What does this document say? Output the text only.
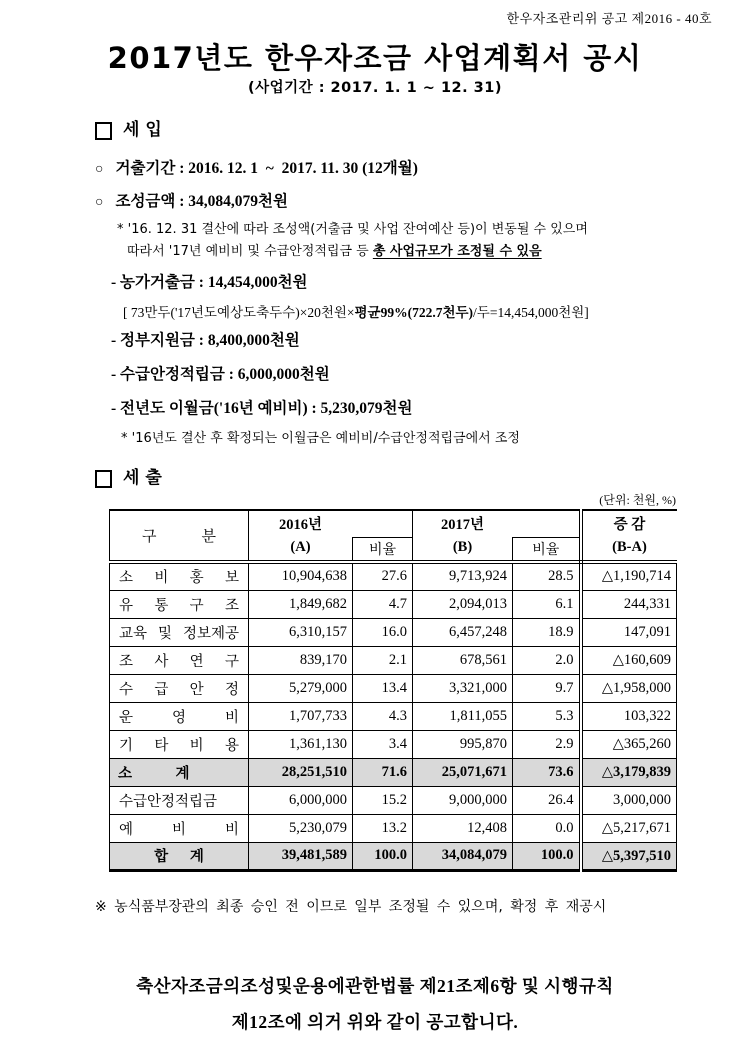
한우자조관리위 공고 제2016 - 40호
2017년도 한우자조금 사업계획서 공시
(사업기간 : 2017. 1. 1 ~ 12. 31)
세 입
○ 거출기간 : 2016. 12. 1  ~  2017. 11. 30 (12개월)
○ 조성금액 : 34,084,079천원
* '16. 12. 31 결산에 따라 조성액(거출금 및 사업 잔여예산 등)이 변동될 수 있으며
따라서 '17년 예비비 및 수급안정적립금 등 총 사업규모가 조정될 수 있음
- 농가거출금 : 14,454,000천원
[ 73만두('17년도예상도축두수)×20천원×평균99%(722.7천두)/두=14,454,000천원]
- 정부지원금 : 8,400,000천원
- 수급안정적립금 : 6,000,000천원
- 전년도 이월금('16년 예비비) : 5,230,079천원
* '16년도 결산 후 확정되는 이월금은 예비비/수급안정적립금에서 조정
세 출
(단위: 천원, %)
구 분	2016년
(A)		2017년
(B)		증 감
(B-A)

		비율		비율	
소 비 홍 보	10,904,638	27.6	9,713,924	28.5	△1,190,714
유 통 구 조	1,849,682	4.7	2,094,013	6.1	244,331
교육 및 정보제공	6,310,157	16.0	6,457,248	18.9	147,091
조 사 연 구	839,170	2.1	678,561	2.0	△160,609
수 급 안 정	5,279,000	13.4	3,321,000	9.7	△1,958,000
운 영 비	1,707,733	4.3	1,811,055	5.3	103,322
기 타 비 용	1,361,130	3.4	995,870	2.9	△365,260
소            계	28,251,510	71.6	25,071,671	73.6	△3,179,839
수급안정적립금	6,000,000	15.2	9,000,000	26.4	3,000,000
예 비 비	5,230,079	13.2	12,408	0.0	△5,217,671
합      계	39,481,589	100.0	34,084,079	100.0	△5,397,510
※ 농식품부장관의 최종 승인 전 이므로 일부 조정될 수 있으며, 확정 후 재공시
축산자조금의조성및운용에관한법률 제21조제6항 및 시행규칙
제12조에 의거 위와 같이 공고합니다.
